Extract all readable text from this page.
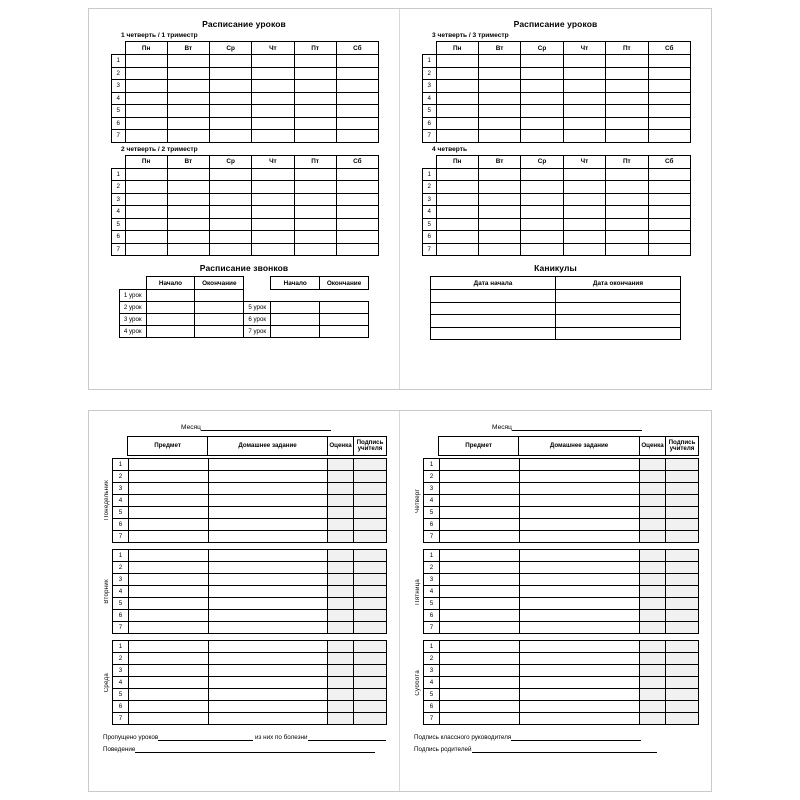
Расписание уроков
1 четверть / 1 триместр
	Пн	Вт	Ср	Чт	Пт	Сб
1						
2						
3						
4						
5						
6						
7						
2 четверть / 2 триместр
	Пн	Вт	Ср	Чт	Пт	Сб
1						
2						
3						
4						
5						
6						
7						
Расписание звонков
	Начало	Окончание		Начало	Окончание
1 урок					
2 урок			5 урок		
3 урок			6 урок		
4 урок			7 урок		
Расписание уроков
3 четверть / 3 триместр
	Пн	Вт	Ср	Чт	Пт	Сб
1						
2						
3						
4						
5						
6						
7						
4 четверть
	Пн	Вт	Ср	Чт	Пт	Сб
1						
2						
3						
4						
5						
6						
7						
Каникулы
Дата начала	Дата окончания

Месяц
	Предмет	Домашнее задание	Оценка	Подпись
учителя
Понедельник
1				
2				
3				
4				
5				
6				
7				
Вторник
1				
2				
3				
4				
5				
6				
7				
Среда
1				
2				
3				
4				
5				
6				
7				
Пропущено уроков	из них по болезни
Поведение
Месяц
	Предмет	Домашнее задание	Оценка	Подпись
учителя
Четверг
1				
2				
3				
4				
5				
6				
7				
Пятница
1				
2				
3				
4				
5				
6				
7				
Суббота
1				
2				
3				
4				
5				
6				
7				
Подпись классного руководителя
Подпись родителей
